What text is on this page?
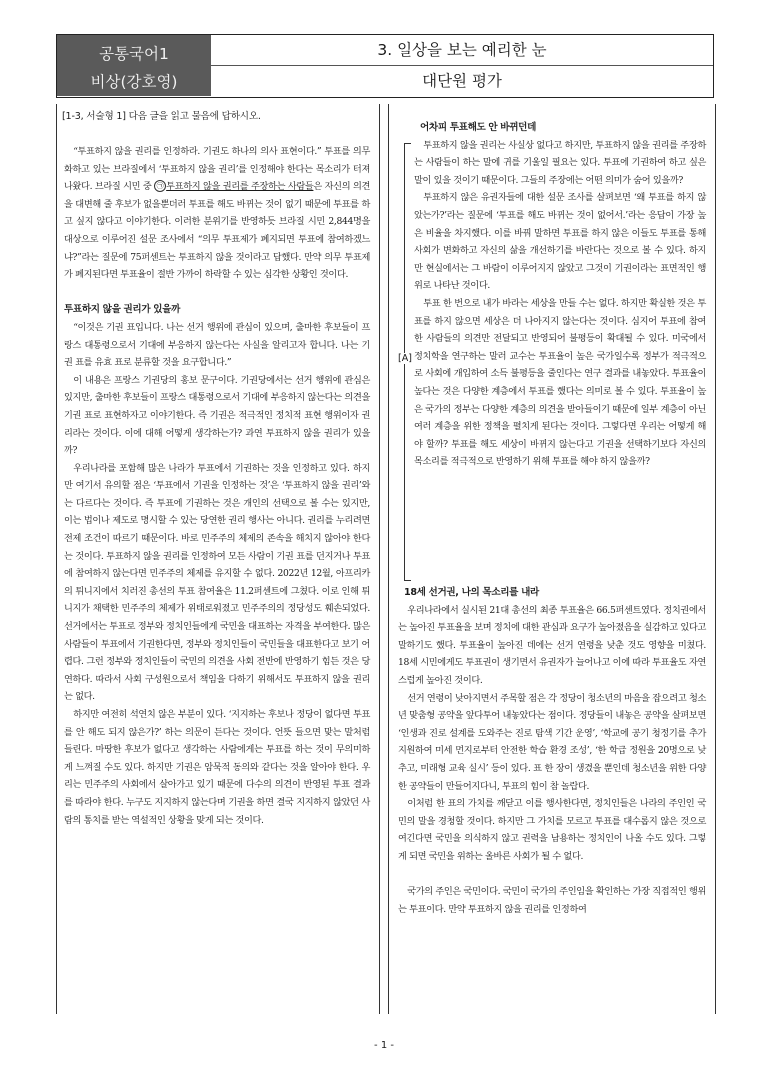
공통국어1
비상(강호영)
3. 일상을 보는 예리한 눈
대단원 평가
[1-3, 서술형 1] 다음 글을 읽고 물음에 답하시오.

“투표하지 않을 권리를 인정하라. 기권도 하나의 의사 표현이다.” 투표를 의무화하고 있는 브라질에서 ‘투표하지 않을 권리’를 인정해야 한다는 목소리가 터져 나왔다. 브라질 시민 중 ㉠ 투표하지 않을 권리를 주장하는 사람들은 자신의 의견을 대변해 줄 후보가 없을뿐더러 투표를 해도 바뀌는 것이 없기 때문에 투표를 하고 싶지 않다고 이야기한다. 이러한 분위기를 반영하듯 브라질 시민 2,844명을 대상으로 이루어진 설문 조사에서 “의무 투표제가 폐지되면 투표에 참여하겠느냐?”라는 질문에 75퍼센트는 투표하지 않을 것이라고 답했다. 만약 의무 투표제가 폐지된다면 투표율이 절반 가까이 하락할 수 있는 심각한 상황인 것이다.

투표하지 않을 권리가 있을까

“이것은 기권 표입니다. 나는 선거 행위에 관심이 있으며, 출마한 후보들이 프랑스 대통령으로서 기대에 부응하지 않는다는 사실을 알리고자 합니다. 나는 기권 표를 유효 표로 분류할 것을 요구합니다.”

이 내용은 프랑스 기권당의 홍보 문구이다. 기권당에서는 선거 행위에 관심은 있지만, 출마한 후보들이 프랑스 대통령으로서 기대에 부응하지 않는다는 의견을 기권 표로 표현하자고 이야기한다. 즉 기권은 적극적인 정치적 표현 행위이자 권리라는 것이다. 이에 대해 어떻게 생각하는가? 과연 투표하지 않을 권리가 있을까?

우리나라를 포함해 많은 나라가 투표에서 기권하는 것을 인정하고 있다. 하지만 여기서 유의할 점은 ‘투표에서 기권을 인정하는 것’은 ‘투표하지 않을 권리’와는 다르다는 것이다. 즉 투표에 기권하는 것은 개인의 선택으로 볼 수는 있지만, 이는 법이나 제도로 명시할 수 있는 당연한 권리 행사는 아니다. 권리를 누리려면 전제 조건이 따르기 때문이다. 바로 민주주의 체제의 존속을 해치지 않아야 한다는 것이다. 투표하지 않을 권리를 인정하여 모든 사람이 기권 표를 던지거나 투표에 참여하지 않는다면 민주주의 체제를 유지할 수 없다. 2022년 12월, 아프리카의 튀니지에서 치러진 총선의 투표 참여율은 11.2퍼센트에 그쳤다. 이로 인해 튀니지가 채택한 민주주의 체제가 위태로워졌고 민주주의의 정당성도 훼손되었다. 선거에서는 투표로 정부와 정치인들에게 국민을 대표하는 자격을 부여한다. 많은 사람들이 투표에서 기권한다면, 정부와 정치인들이 국민들을 대표한다고 보기 어렵다. 그런 정부와 정치인들이 국민의 의견을 사회 전반에 반영하기 힘든 것은 당연하다. 따라서 사회 구성원으로서 책임을 다하기 위해서도 투표하지 않을 권리는 없다.

하지만 여전히 석연치 않은 부분이 있다. ‘지지하는 후보나 정당이 없다면 투표를 안 해도 되지 않은가?’ 하는 의문이 든다는 것이다. 언뜻 들으면 맞는 말처럼 들린다. 마땅한 후보가 없다고 생각하는 사람에게는 투표를 하는 것이 무의미하게 느껴질 수도 있다. 하지만 기권은 암묵적 동의와 같다는 것을 알아야 한다. 우리는 민주주의 사회에서 살아가고 있기 때문에 다수의 의견이 반영된 투표 결과를 따라야 한다. 누구도 지지하지 않는다며 기권을 하면 결국 지지하지 않았던 사람의 통치를 받는 역설적인 상황을 맞게 되는 것이다.

[A]

어차피 투표해도 안 바뀌던데

투표하지 않을 권리는 사실상 없다고 하지만, 투표하지 않을 권리를 주장하는 사람들이 하는 말에 귀를 기울일 필요는 있다. 투표에 기권하여 하고 싶은 말이 있을 것이기 때문이다. 그들의 주장에는 어떤 의미가 숨어 있을까?

투표하지 않은 유권자들에 대한 설문 조사를 살펴보면 ‘왜 투표를 하지 않았는가?’라는 질문에 ‘투표를 해도 바뀌는 것이 없어서.’라는 응답이 가장 높은 비율을 차지했다. 이를 바꿔 말하면 투표를 하지 않은 이들도 투표를 통해 사회가 변화하고 자신의 삶을 개선하기를 바란다는 것으로 볼 수 있다. 하지만 현실에서는 그 바람이 이루어지지 않았고 그것이 기권이라는 표면적인 행위로 나타난 것이다.

투표 한 번으로 내가 바라는 세상을 만들 수는 없다. 하지만 확실한 것은 투표를 하지 않으면 세상은 더 나아지지 않는다는 것이다. 심지어 투표에 참여한 사람들의 의견만 전달되고 반영되어 불평등이 확대될 수 있다. 미국에서 정치학을 연구하는 말러 교수는 투표율이 높은 국가일수록 정부가 적극적으로 사회에 개입하여 소득 불평등을 줄인다는 연구 결과를 내놓았다. 투표율이 높다는 것은 다양한 계층에서 투표를 했다는 의미로 볼 수 있다. 투표율이 높은 국가의 정부는 다양한 계층의 의견을 받아들이기 때문에 일부 계층이 아닌 여러 계층을 위한 정책을 펼치게 된다는 것이다. 그렇다면 우리는 어떻게 해야 할까? 투표를 해도 세상이 바뀌지 않는다고 기권을 선택하기보다 자신의 목소리를 적극적으로 반영하기 위해 투표를 해야 하지 않을까?

18세 선거권, 나의 목소리를 내라

우리나라에서 실시된 21대 총선의 최종 투표율은 66.5퍼센트였다. 정치권에서는 높아진 투표율을 보며 정치에 대한 관심과 요구가 높아졌음을 실감하고 있다고 말하기도 했다. 투표율이 높아진 데에는 선거 연령을 낮춘 것도 영향을 미쳤다. 18세 시민에게도 투표권이 생기면서 유권자가 늘어나고 이에 따라 투표율도 자연스럽게 높아진 것이다.

선거 연령이 낮아지면서 주목할 점은 각 정당이 청소년의 마음을 잡으려고 청소년 맞춤형 공약을 앞다투어 내놓았다는 점이다. 정당들이 내놓은 공약을 살펴보면 ‘인생과 진로 설계를 도와주는 진로 탐색 기간 운영’, ‘학교에 공기 청정기를 추가 지원하여 미세 먼지로부터 안전한 학습 환경 조성’, ‘한 학급 정원을 20명으로 낮추고, 미래형 교육 실시’ 등이 있다. 표 한 장이 생겼을 뿐인데 청소년을 위한 다양한 공약들이 만들어지다니, 투표의 힘이 참 놀랍다.

이처럼 한 표의 가치를 깨닫고 이를 행사한다면, 정치인들은 나라의 주인인 국민의 말을 경청할 것이다. 하지만 그 가치를 모르고 투표를 대수롭지 않은 것으로 여긴다면 국민을 의식하지 않고 권력을 남용하는 정치인이 나올 수도 있다. 그렇게 되면 국민을 위하는 올바른 사회가 될 수 없다.

국가의 주인은 국민이다. 국민이 국가의 주인임을 확인하는 가장 직접적인 행위는 투표이다. 만약 투표하지 않을 권리를 인정하여

- 1 -
